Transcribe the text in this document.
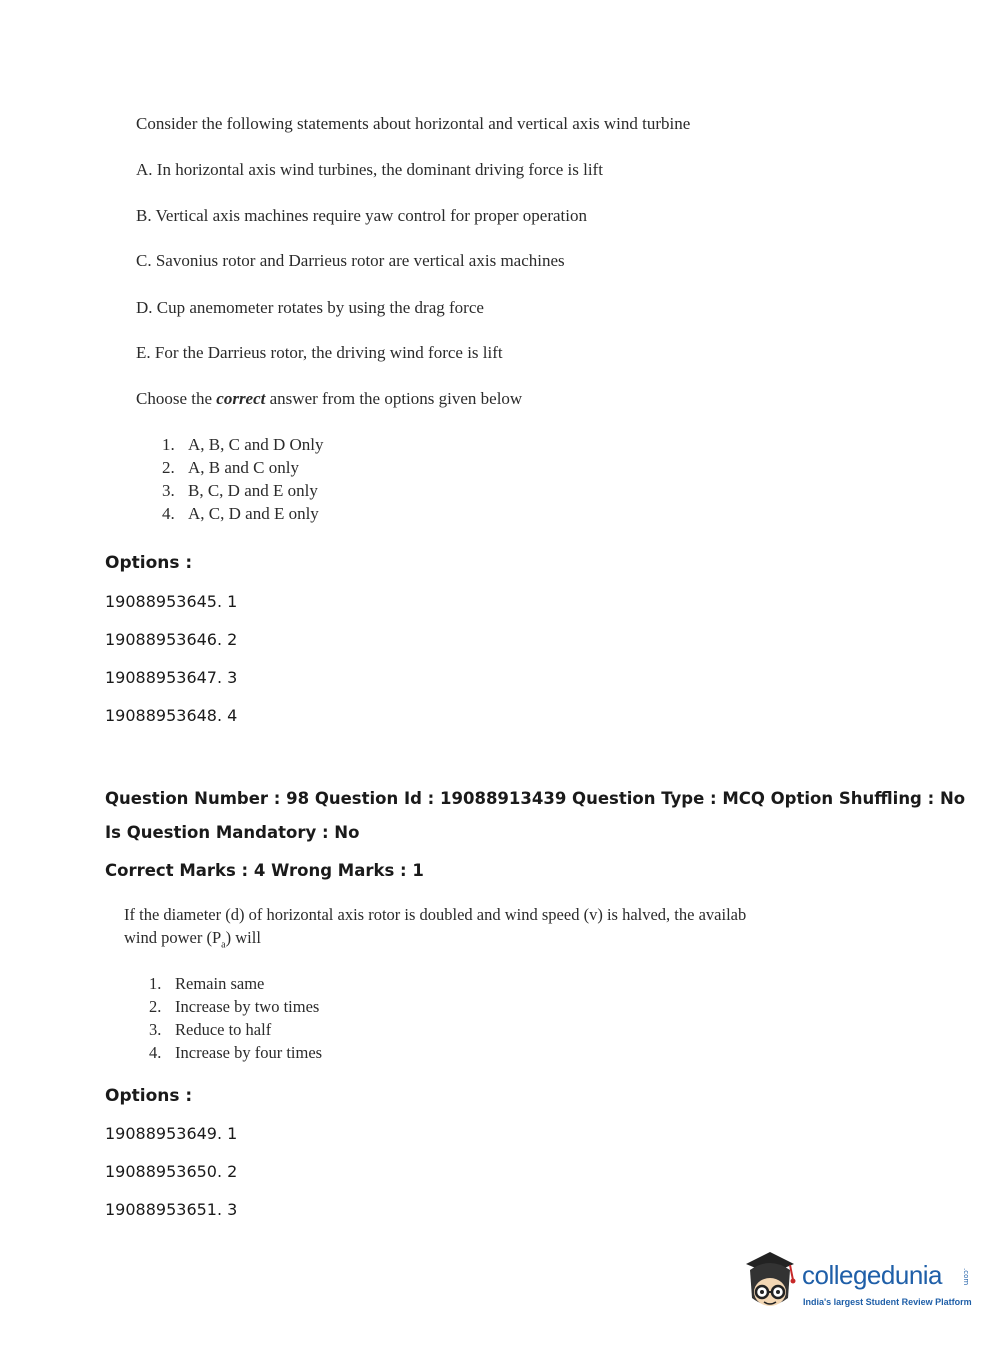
Consider the following statements about horizontal and vertical axis wind turbine
A. In horizontal axis wind turbines, the dominant driving force is lift
B. Vertical axis machines require yaw control for proper operation
C. Savonius rotor and Darrieus rotor are vertical axis machines
D. Cup anemometer rotates by using the drag force
E. For the Darrieus rotor, the driving wind force is lift
Choose the correct answer from the options given below
1. A, B, C and D Only
2. A, B and C only
3. B, C, D and E only
4. A, C, D and E only
Options :
19088953645. 1
19088953646. 2
19088953647. 3
19088953648. 4
Question Number : 98 Question Id : 19088913439 Question Type : MCQ Option Shuffling : No
Is Question Mandatory : No
Correct Marks : 4 Wrong Marks : 1
If the diameter (d) of horizontal axis rotor is doubled and wind speed (v) is halved, the availab
wind power $(P_a)$ will
1. Remain same
2. Increase by two times
3. Reduce to half
4. Increase by four times
Options :
19088953649. 1
19088953650. 2
19088953651. 3
collegedunia	.com
India's largest Student Review Platform
